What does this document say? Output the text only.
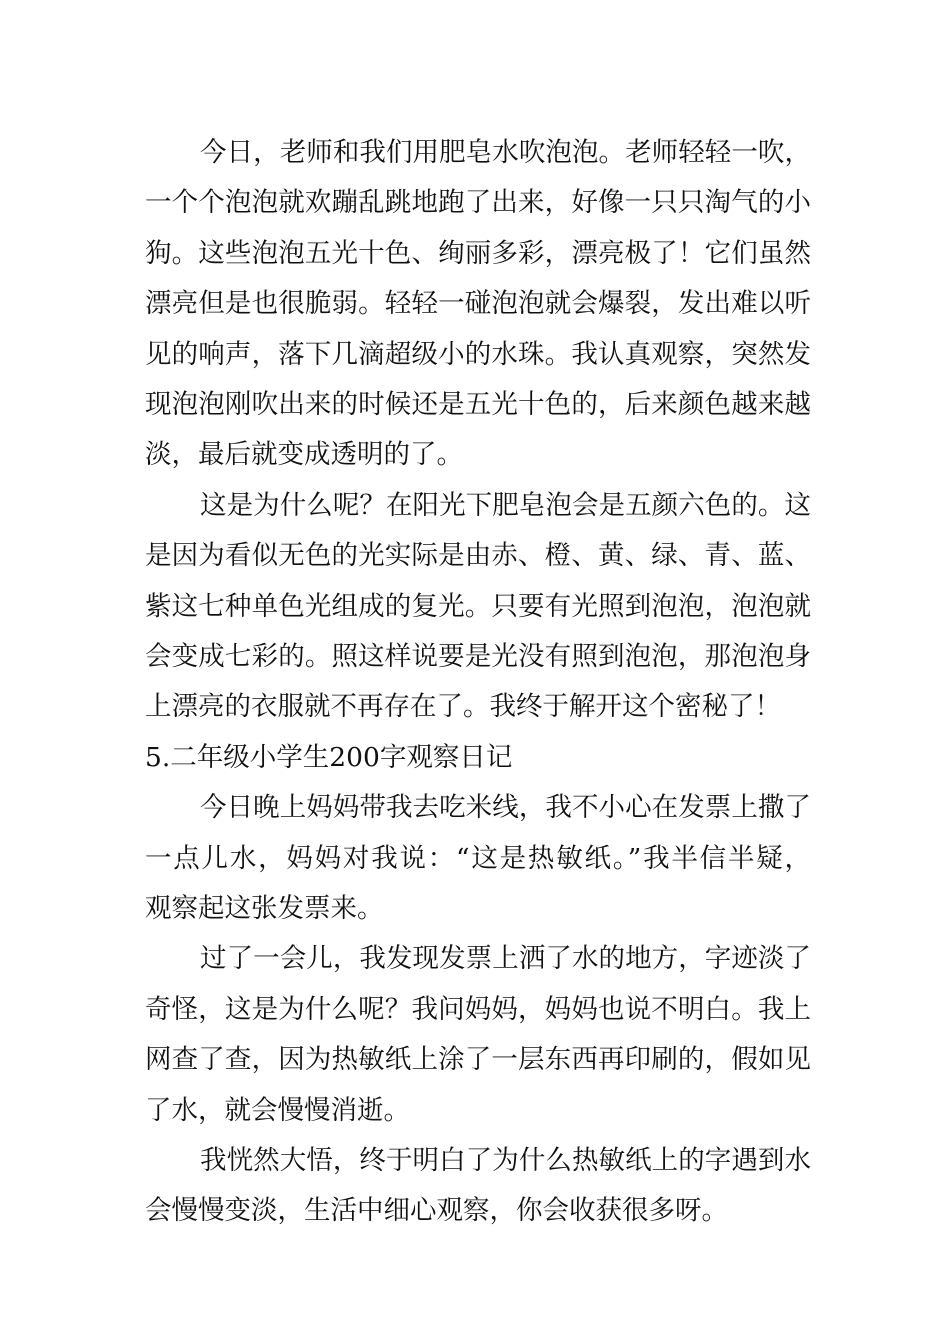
今日，老师和我们用肥皂水吹泡泡。老师轻轻一吹，
一个个泡泡就欢蹦乱跳地跑了出来，好像一只只淘气的小
狗。这些泡泡五光十色、绚丽多彩，漂亮极了！它们虽然
漂亮但是也很脆弱。轻轻一碰泡泡就会爆裂，发出难以听
见的响声，落下几滴超级小的水珠。我认真观察，突然发
现泡泡刚吹出来的时候还是五光十色的，后来颜色越来越
淡，最后就变成透明的了。
这是为什么呢？在阳光下肥皂泡会是五颜六色的。这
是因为看似无色的光实际是由赤、橙、黄、绿、青、蓝、
紫这七种单色光组成的复光。只要有光照到泡泡，泡泡就
会变成七彩的。照这样说要是光没有照到泡泡，那泡泡身
上漂亮的衣服就不再存在了。我终于解开这个密秘了！
5.二年级小学生200字观察日记
今日晚上妈妈带我去吃米线，我不小心在发票上撒了
一点儿水，妈妈对我说：“这是热敏纸。”我半信半疑，
观察起这张发票来。
过了一会儿，我发现发票上洒了水的地方，字迹淡了
奇怪，这是为什么呢？我问妈妈，妈妈也说不明白。我上
网查了查，因为热敏纸上涂了一层东西再印刷的，假如见
了水，就会慢慢消逝。
我恍然大悟，终于明白了为什么热敏纸上的字遇到水
会慢慢变淡，生活中细心观察，你会收获很多呀。
